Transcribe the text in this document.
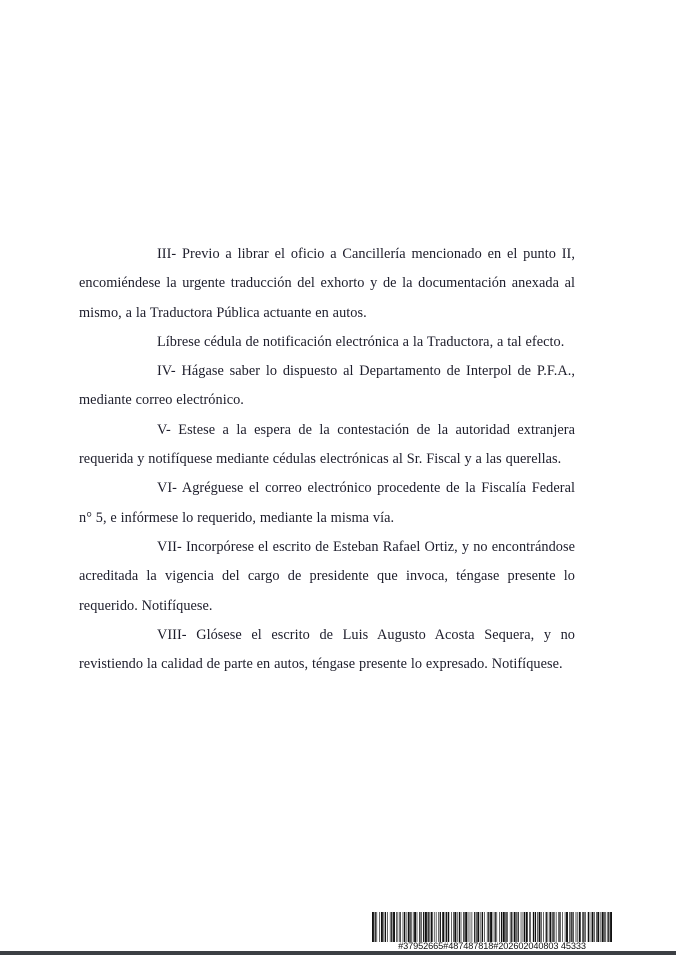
III- Previo a librar el oficio a Cancillería mencionado en el punto II, encomiéndese la urgente traducción del exhorto y de la documentación anexada al mismo, a la Traductora Pública actuante en autos.

Líbrese cédula de notificación electrónica a la Traductora, a tal efecto.

IV- Hágase saber lo dispuesto al Departamento de Interpol de P.F.A., mediante correo electrónico.

V- Estese a la espera de la contestación de la autoridad extranjera requerida y notifíquese mediante cédulas electrónicas al Sr. Fiscal y a las querellas.

VI- Agréguese el correo electrónico procedente de la Fiscalía Federal n° 5, e infórmese lo requerido, mediante la misma vía.

VII- Incorpórese el escrito de Esteban Rafael Ortiz, y no encontrándose acreditada la vigencia del cargo de presidente que invoca, téngase presente lo requerido. Notifíquese.

VIII- Glósese el escrito de Luis Augusto Acosta Sequera, y no revistiendo la calidad de parte en autos, téngase presente lo expresado. Notifíquese.

#37952665#487487818#202602040803 45333
